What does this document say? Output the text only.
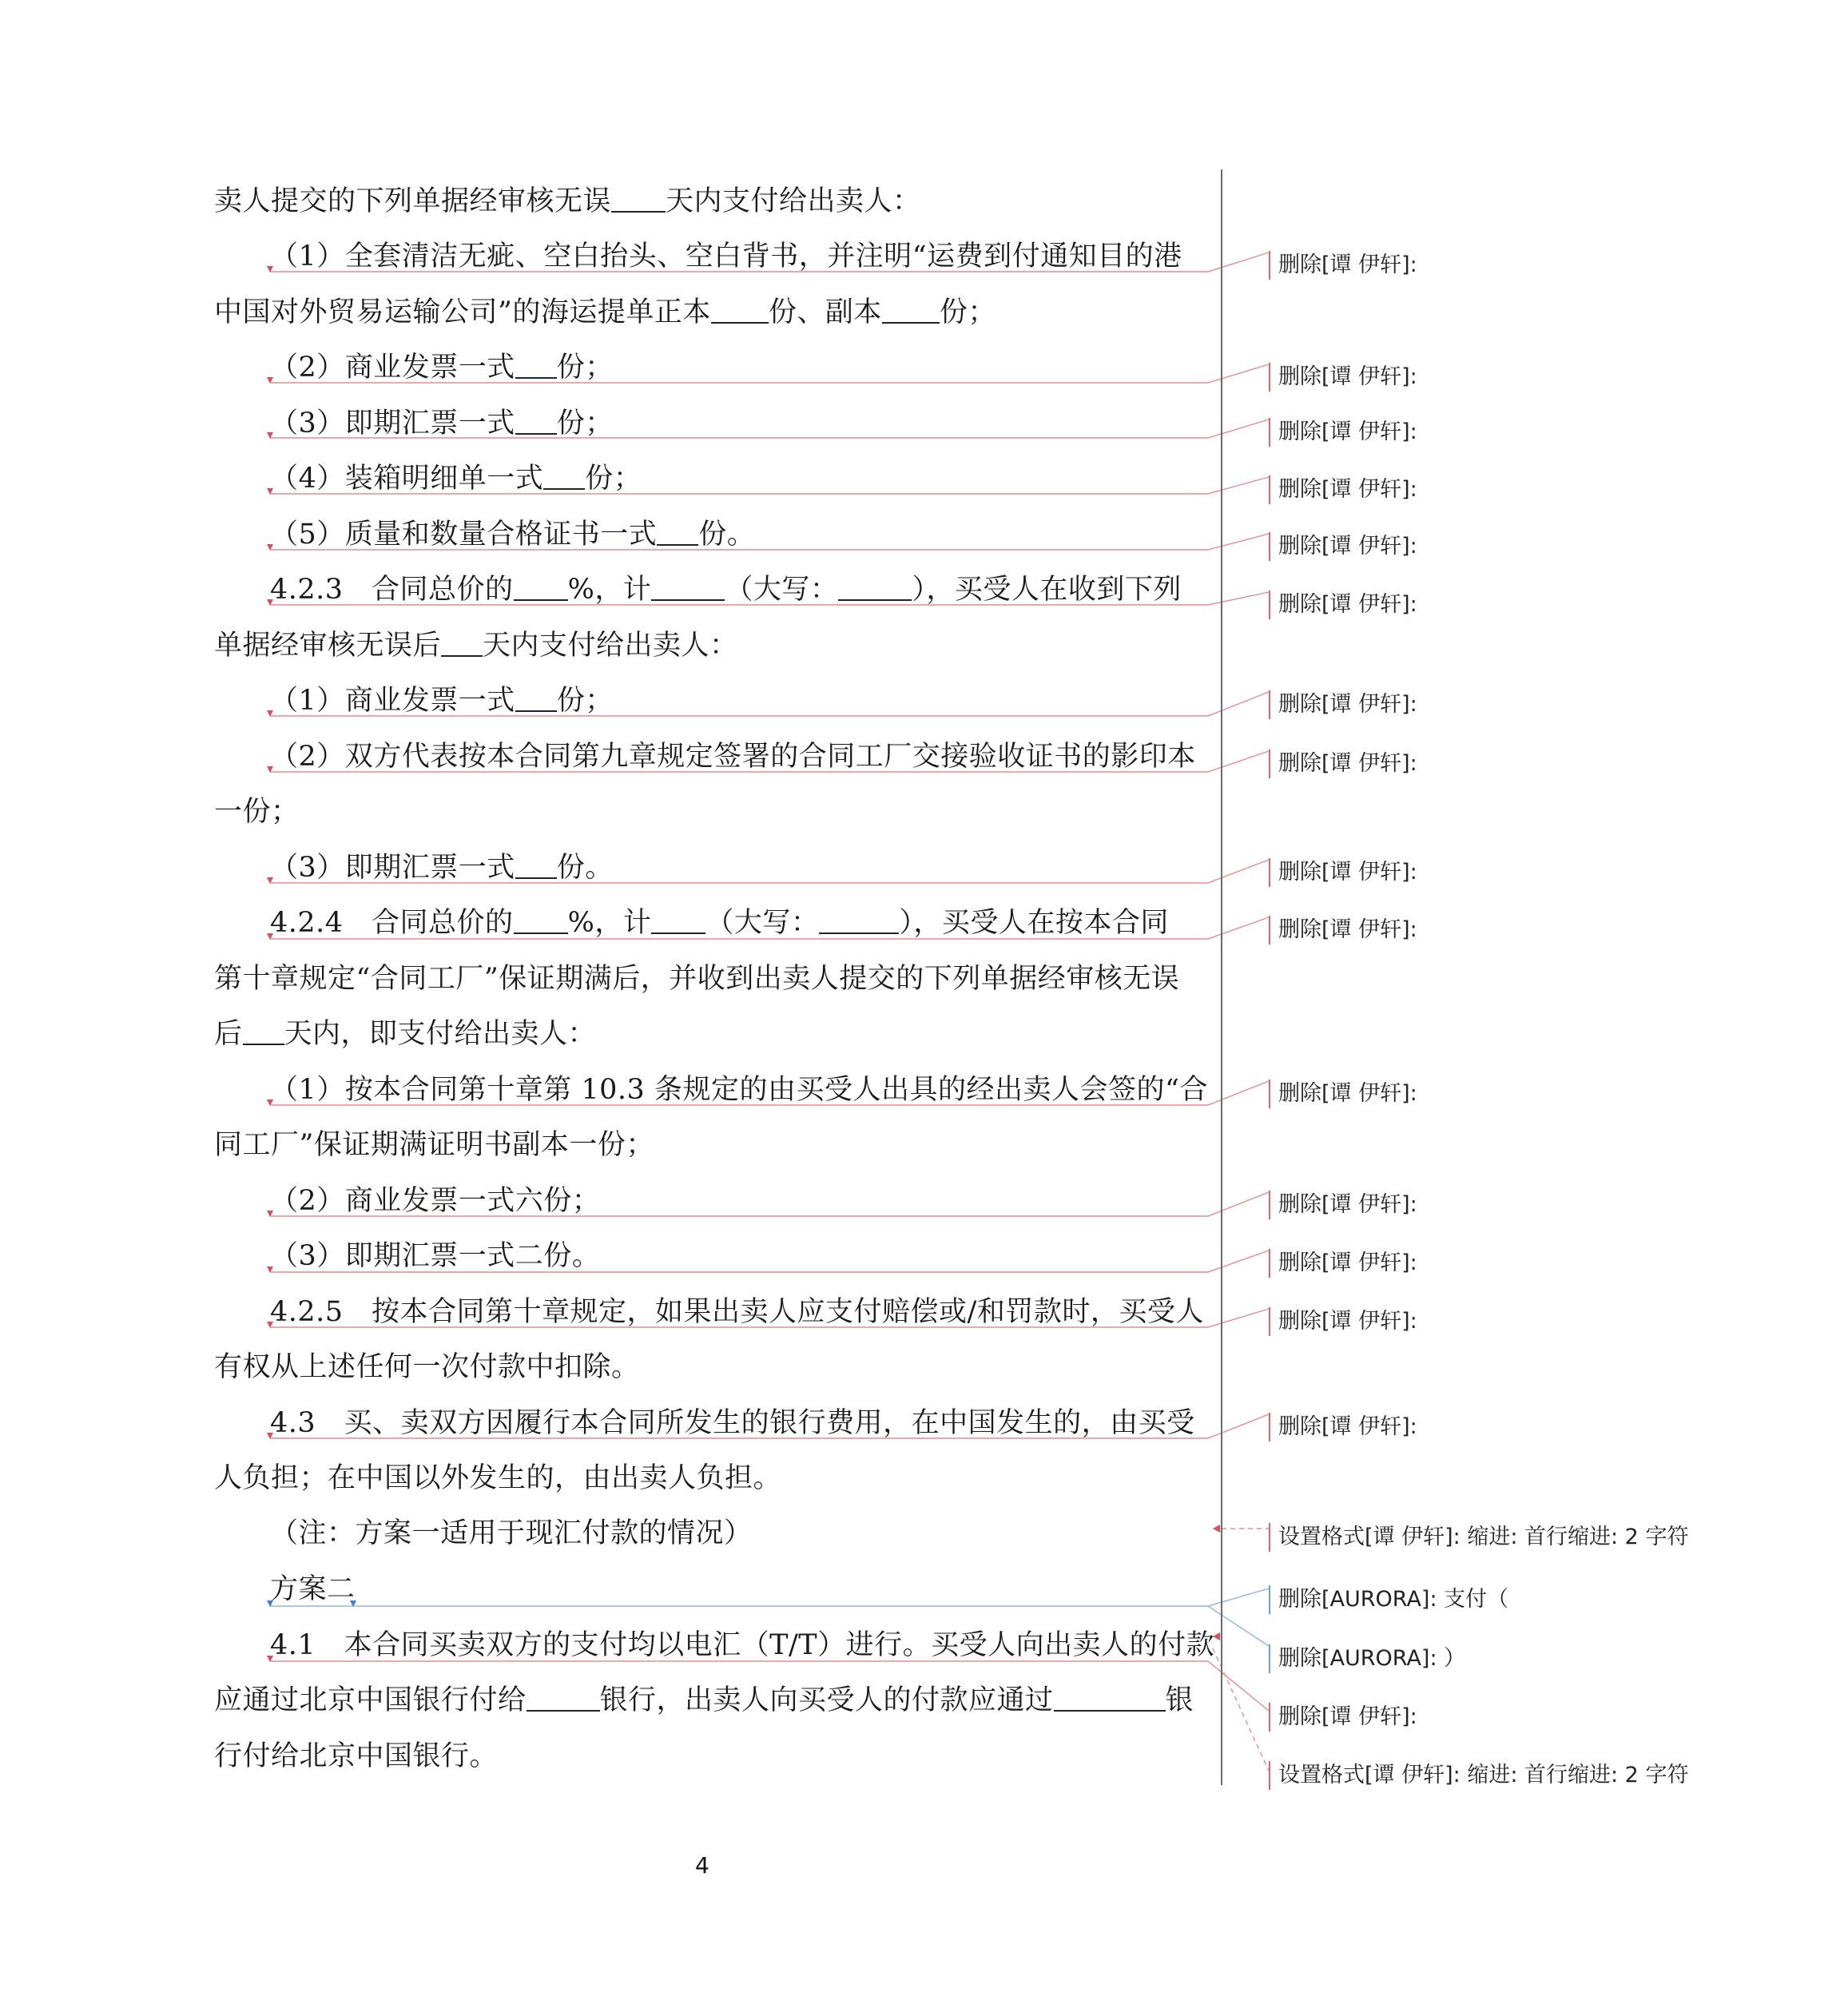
卖人提交的下列单据经审核无误 天内支付给出卖人：
（1）全套清洁无疵、空白抬头、空白背书，并注明“运费到付通知目的港
中国对外贸易运输公司”的海运提单正本 份、副本 份；
（2）商业发票一式 份；
（3）即期汇票一式 份；
（4）装箱明细单一式 份；
（5）质量和数量合格证书一式 份。
4.2.3　合同总价的 %，计	（大写：	），买受人在收到下列
单据经审核无误后 天内支付给出卖人：
（1）商业发票一式 份；
（2）双方代表按本合同第九章规定签署的合同工厂交接验收证书的影印本
一份；
（3）即期汇票一式 份。
4.2.4　合同总价的 %，计 （大写：	），买受人在按本合同
第十章规定“合同工厂”保证期满后，并收到出卖人提交的下列单据经审核无误
后 天内，即支付给出卖人：
（1）按本合同第十章第 10.3 条规定的由买受人出具的经出卖人会签的“合
同工厂”保证期满证明书副本一份；
（2）商业发票一式六份；
（3）即期汇票一式二份。
4.2.5　按本合同第十章规定，如果出卖人应支付赔偿或/和罚款时，买受人
有权从上述任何一次付款中扣除。
4.3　买、卖双方因履行本合同所发生的银行费用，在中国发生的，由买受
人负担；在中国以外发生的，由出卖人负担。
（注：方案一适用于现汇付款的情况）
方案二
4.1　本合同买卖双方的支付均以电汇（T/T）进行。买受人向出卖人的付款
应通过北京中国银行付给	银行，出卖人向买受人的付款应通过	银
行付给北京中国银行。
删除[谭 伊轩]:
删除[谭 伊轩]:
删除[谭 伊轩]:
删除[谭 伊轩]:
删除[谭 伊轩]:
删除[谭 伊轩]:
删除[谭 伊轩]:
删除[谭 伊轩]:
删除[谭 伊轩]:
删除[谭 伊轩]:
删除[谭 伊轩]:
删除[谭 伊轩]:
删除[谭 伊轩]:
删除[谭 伊轩]:
删除[谭 伊轩]:
设置格式[谭 伊轩]: 缩进: 首行缩进: 2 字符
删除[AURORA]: 支付（
删除[AURORA]: ）
删除[谭 伊轩]:
设置格式[谭 伊轩]: 缩进: 首行缩进: 2 字符
4
